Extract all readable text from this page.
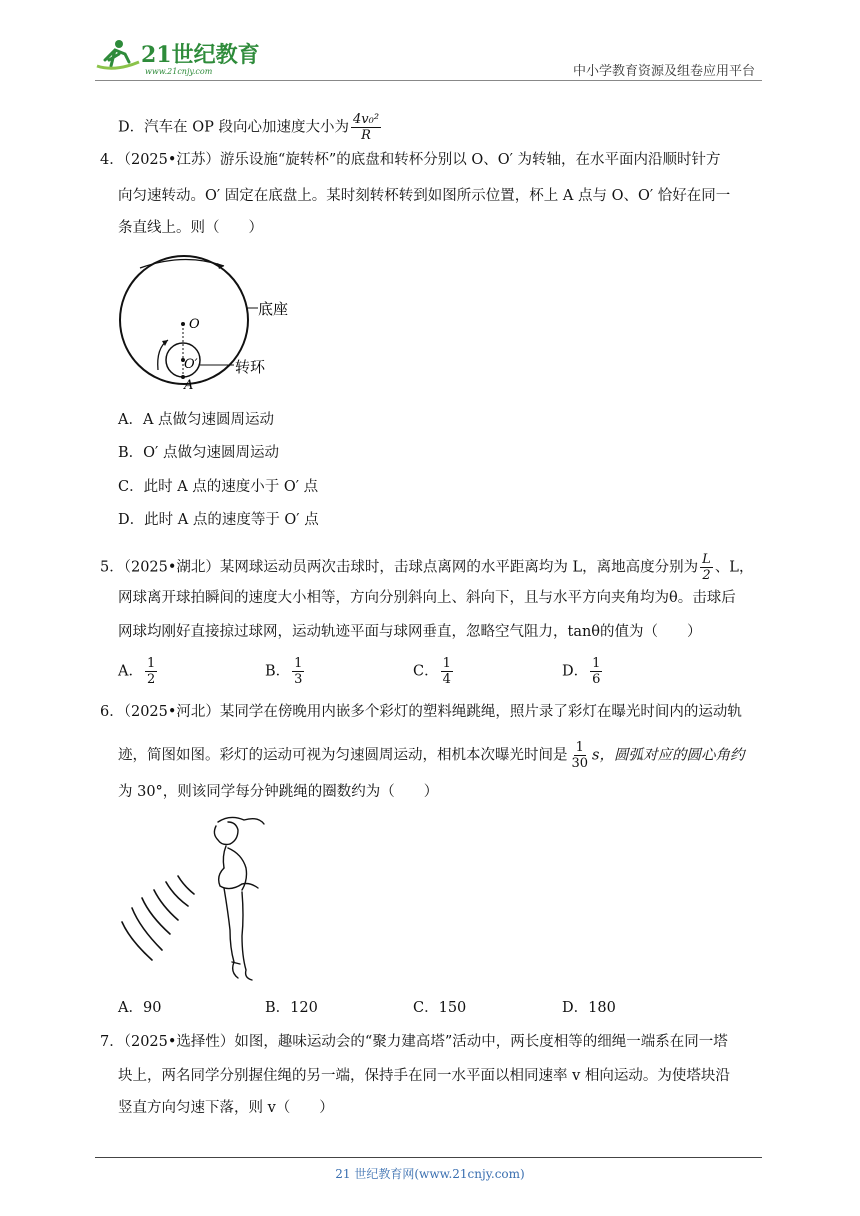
21世纪教育
www.21cnjy.com	中小学教育资源及组卷应用平台
D．汽车在 OP 段向心加速度大小为 $\frac{\text{4v₀²}}{R}$
4．（2025•江苏）游乐设施“旋转杯”的底盘和转杯分别以 O、O′ 为转轴，在水平面内沿顺时针方
向匀速转动。O′ 固定在底盘上。某时刻转杯转到如图所示位置，杯上 A 点与 O、O′ 恰好在同一
条直线上。则（　　）
O
O′
A
底座
转环
A．A 点做匀速圆周运动
B．O′ 点做匀速圆周运动
C．此时 A 点的速度小于 O′ 点
D．此时 A 点的速度等于 O′ 点
5．（2025•湖北）某网球运动员两次击球时，击球点离网的水平距离均为 L，离地高度分别为 $\frac{L}{2}$ 、L，
网球离开球拍瞬间的速度大小相等，方向分别斜向上、斜向下，且与水平方向夹角均为θ。击球后
网球均刚好直接掠过球网，运动轨迹平面与球网垂直，忽略空气阻力，tanθ的值为（　　）
A． $\frac{1}{2}$	B． $\frac{1}{3}$	C． $\frac{1}{4}$	D． $\frac{1}{6}$
6．（2025•河北）某同学在傍晚用内嵌多个彩灯的塑料绳跳绳，照片录了彩灯在曝光时间内的运动轨
迹，简图如图。彩灯的运动可视为匀速圆周运动，相机本次曝光时间是 $\frac{1}{30}$ s，圆弧对应的圆心角约
为 30°，则该同学每分钟跳绳的圈数约为（　　）
A．90	B．120	C．150	D．180
7．（2025•选择性）如图，趣味运动会的“聚力建高塔”活动中，两长度相等的细绳一端系在同一塔
块上，两名同学分别握住绳的另一端，保持手在同一水平面以相同速率 v 相向运动。为使塔块沿
竖直方向匀速下落，则 v（　　）
21 世纪教育网(www.21cnjy.com)
